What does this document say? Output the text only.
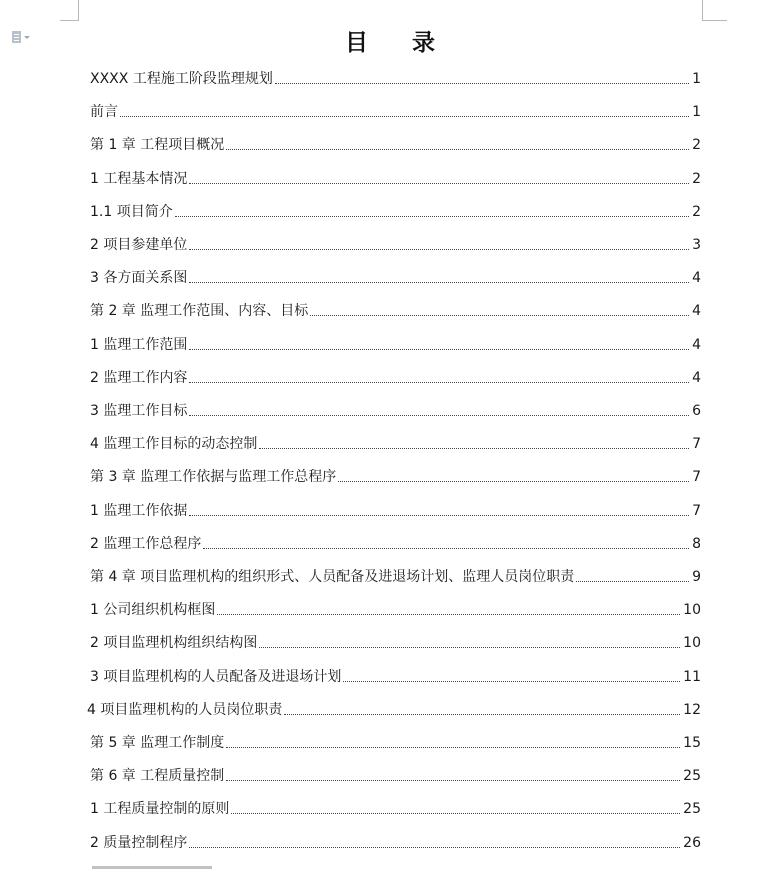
目 录
XXXX 工程施工阶段监理规划	1
前言	1
第 1 章 工程项目概况	2
1 工程基本情况	2
1.1 项目简介	2
2 项目参建单位	3
3 各方面关系图	4
第 2 章 监理工作范围、内容、目标	4
1 监理工作范围	4
2 监理工作内容	4
3 监理工作目标	6
4 监理工作目标的动态控制	7
第 3 章 监理工作依据与监理工作总程序	7
1 监理工作依据	7
2 监理工作总程序	8
第 4 章 项目监理机构的组织形式、人员配备及进退场计划、监理人员岗位职责	9
1 公司组织机构框图	10
2 项目监理机构组织结构图	10
3 项目监理机构的人员配备及进退场计划	11
4 项目监理机构的人员岗位职责	12
第 5 章 监理工作制度	15
第 6 章 工程质量控制	25
1 工程质量控制的原则	25
2 质量控制程序	26
